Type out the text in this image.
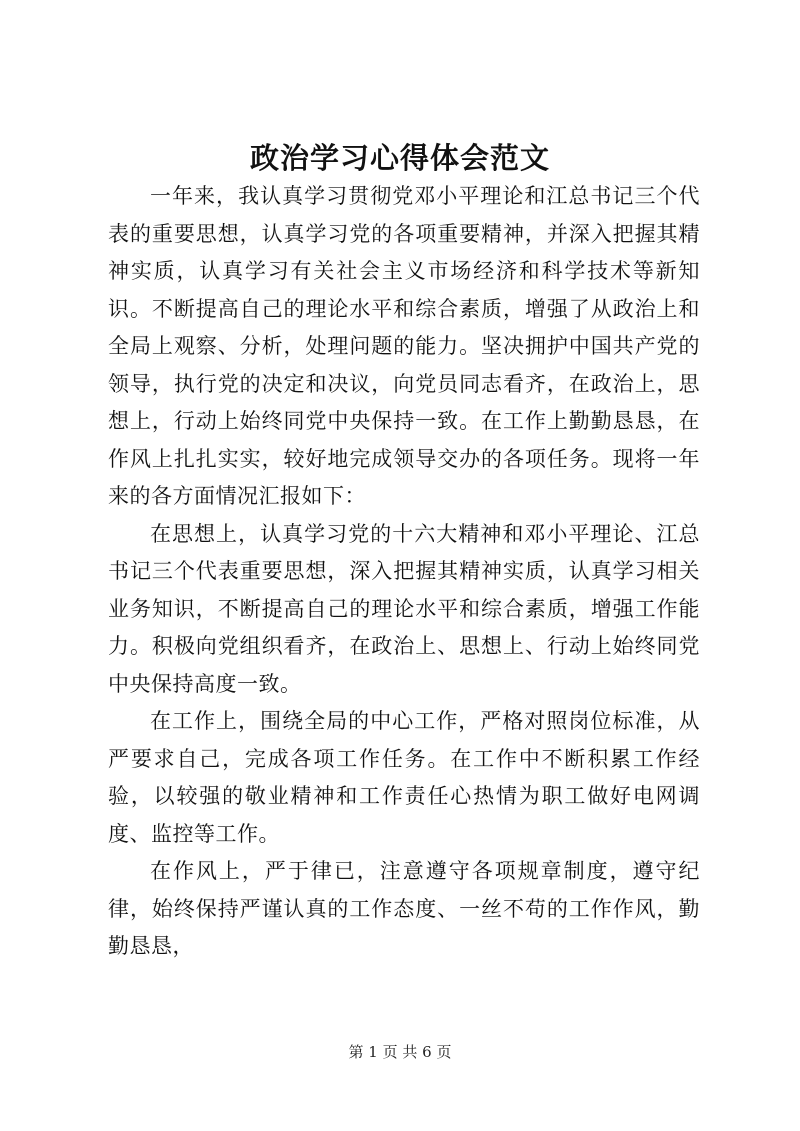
政治学习心得体会范文

一年来，我认真学习贯彻党邓小平理论和江总书记三个代表的重要思想，认真学习党的各项重要精神，并深入把握其精神实质，认真学习有关社会主义市场经济和科学技术等新知识。不断提高自己的理论水平和综合素质，增强了从政治上和全局上观察、分析，处理问题的能力。坚决拥护中国共产党的领导，执行党的决定和决议，向党员同志看齐，在政治上，思想上，行动上始终同党中央保持一致。在工作上勤勤恳恳，在作风上扎扎实实，较好地完成领导交办的各项任务。现将一年来的各方面情况汇报如下：

在思想上，认真学习党的十六大精神和邓小平理论、江总书记三个代表重要思想，深入把握其精神实质，认真学习相关业务知识，不断提高自己的理论水平和综合素质，增强工作能力。积极向党组织看齐，在政治上、思想上、行动上始终同党中央保持高度一致。

在工作上，围绕全局的中心工作，严格对照岗位标准，从严要求自己，完成各项工作任务。在工作中不断积累工作经验，以较强的敬业精神和工作责任心热情为职工做好电网调度、监控等工作。

在作风上，严于律已，注意遵守各项规章制度，遵守纪律，始终保持严谨认真的工作态度、一丝不苟的工作作风，勤勤恳恳，

第 1 页 共 6 页
